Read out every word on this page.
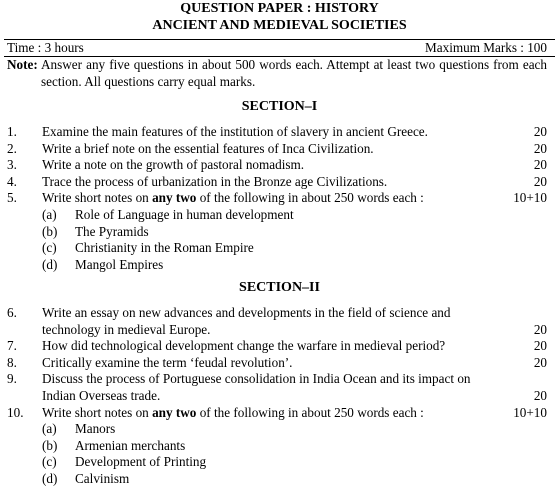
QUESTION PAPER : HISTORY
ANCIENT AND MEDIEVAL SOCIETIES
Time : 3 hours	Maximum Marks : 100
Note: Answer any five questions in about 500 words each. Attempt at least two questions from each section. All questions carry equal marks.
SECTION–I
1. Examine the main features of the institution of slavery in ancient Greece.	20
2. Write a brief note on the essential features of Inca Civilization.	20
3. Write a note on the growth of pastoral nomadism.	20
4. Trace the process of urbanization in the Bronze age Civilizations.	20
5. Write short notes on any two of the following in about 250 words each :	10+10
(a) Role of Language in human development
(b) The Pyramids
(c) Christianity in the Roman Empire
(d) Mangol Empires
SECTION–II
6. Write an essay on new advances and developments in the field of science and technology in medieval Europe.	20
7. How did technological development change the warfare in medieval period?	20
8. Critically examine the term ‘feudal revolution’.	20
9. Discuss the process of Portuguese consolidation in India Ocean and its impact on Indian Overseas trade.	20
10. Write short notes on any two of the following in about 250 words each :	10+10
(a) Manors
(b) Armenian merchants
(c) Development of Printing
(d) Calvinism
